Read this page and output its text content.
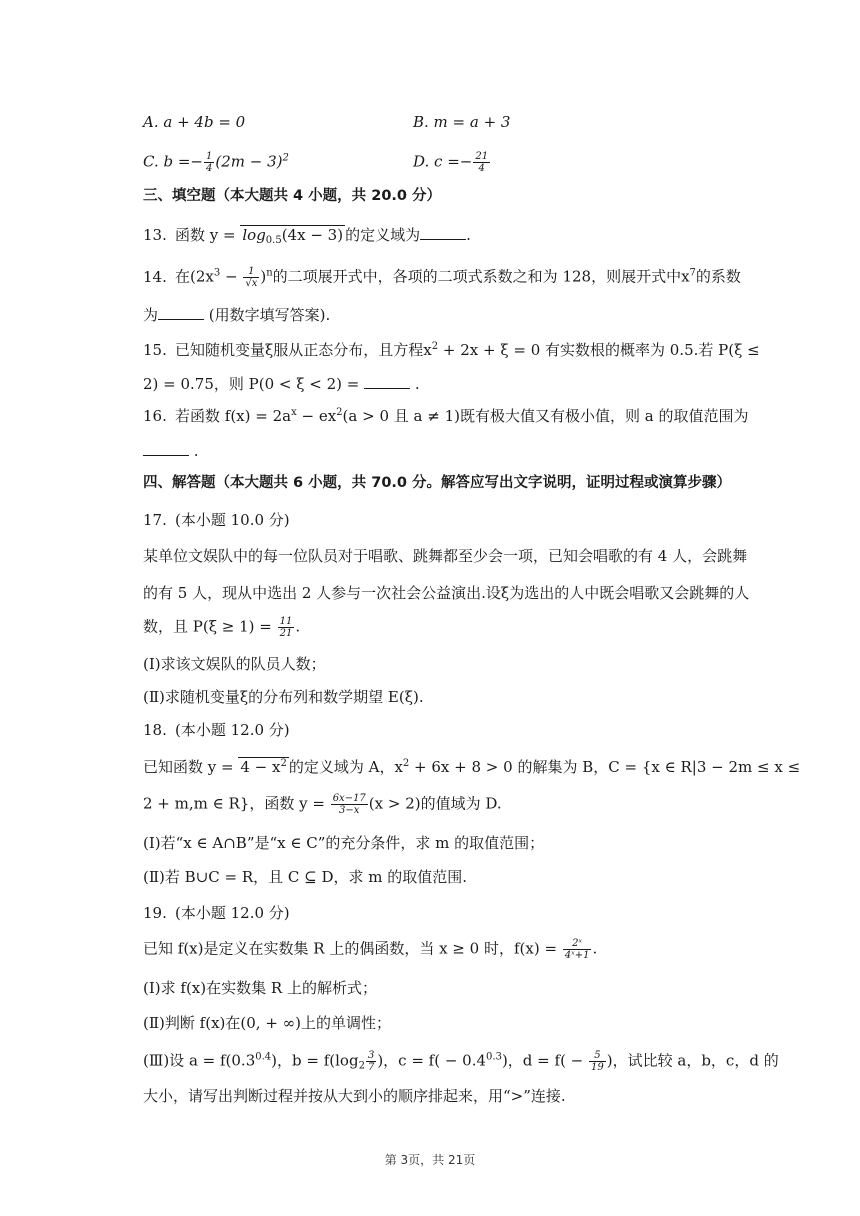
A. a + 4b = 0	B. m = a + 3
C. $b =- \frac{1}{4} (2m - 3)^2$	D. $c =- \frac{21}{4}$
三、填空题（本大题共 4 小题，共 20.0 分）
13. 函数 $y = \log_{0.5}(4x - 3)$ 的定义域为	.
14. 在$(2x^3 - \frac{1}{√x} )^n$的二项展开式中，各项的二项式系数之和为 128，则展开式中$x^7$的系数
为	(用数字填写答案).
15. 已知随机变量ξ服从正态分布，且方程$x^2 + 2x + \xi = 0$ 有实数根的概率为 0.5.若 P(ξ ≤
2) = 0.75，则 P(0 < ξ < 2) =	.
16. 若函数 $f(x) = 2a^x - ex^2(a > 0$ 且 a ≠ 1)既有极大值又有极小值，则 a 的取值范围为
.
四、解答题（本大题共 6 小题，共 70.0 分。解答应写出文字说明，证明过程或演算步骤）
17. (本小题 10.0 分)
某单位文娱队中的每一位队员对于唱歌、跳舞都至少会一项，已知会唱歌的有 4 人，会跳舞
的有 5 人，现从中选出 2 人参与一次社会公益演出.设ξ为选出的人中既会唱歌又会跳舞的人
数，且 $P(\xi \ge 1) = \frac{11}{21}$ .
(Ⅰ)求该文娱队的队员人数；
(Ⅱ)求随机变量ξ的分布列和数学期望 E(ξ).
18. (本小题 12.0 分)
已知函数 $y = 4 - x^2$ 的定义域为 A，$x^2 + 6x + 8 > 0$ 的解集为 B，C = {x ∈ R|3 − 2m ≤ x ≤
2 + m,m ∈ R}，函数 $y = \frac{6x-17}{3-x} (x > 2)$的值域为 D.
(Ⅰ)若“x ∈ A∩B”是“x ∈ C”的充分条件，求 m 的取值范围；
(Ⅱ)若 B∪C = R，且 C ⊆ D，求 m 的取值范围.
19. (本小题 12.0 分)
已知 f(x)是定义在实数集 R 上的偶函数，当 x ≥ 0 时，$f(x) = \frac{\text{2ˣ}}{\text{4ˣ+1}}$ .
(Ⅰ)求 f(x)在实数集 R 上的解析式；
(Ⅱ)判断 f(x)在(0, + ∞)上的单调性；
(Ⅲ)设 $a = f(0.3^{0.4})$，$b = f(\log_2 \frac{3}{7}$ )，$c = f( - 0.4^{0.3})$，$d = f( - \frac{5}{19}$ )，试比较 a，b，c，d 的
大小，请写出判断过程并按从大到小的顺序排起来，用“>”连接.
第 3页，共 21页
